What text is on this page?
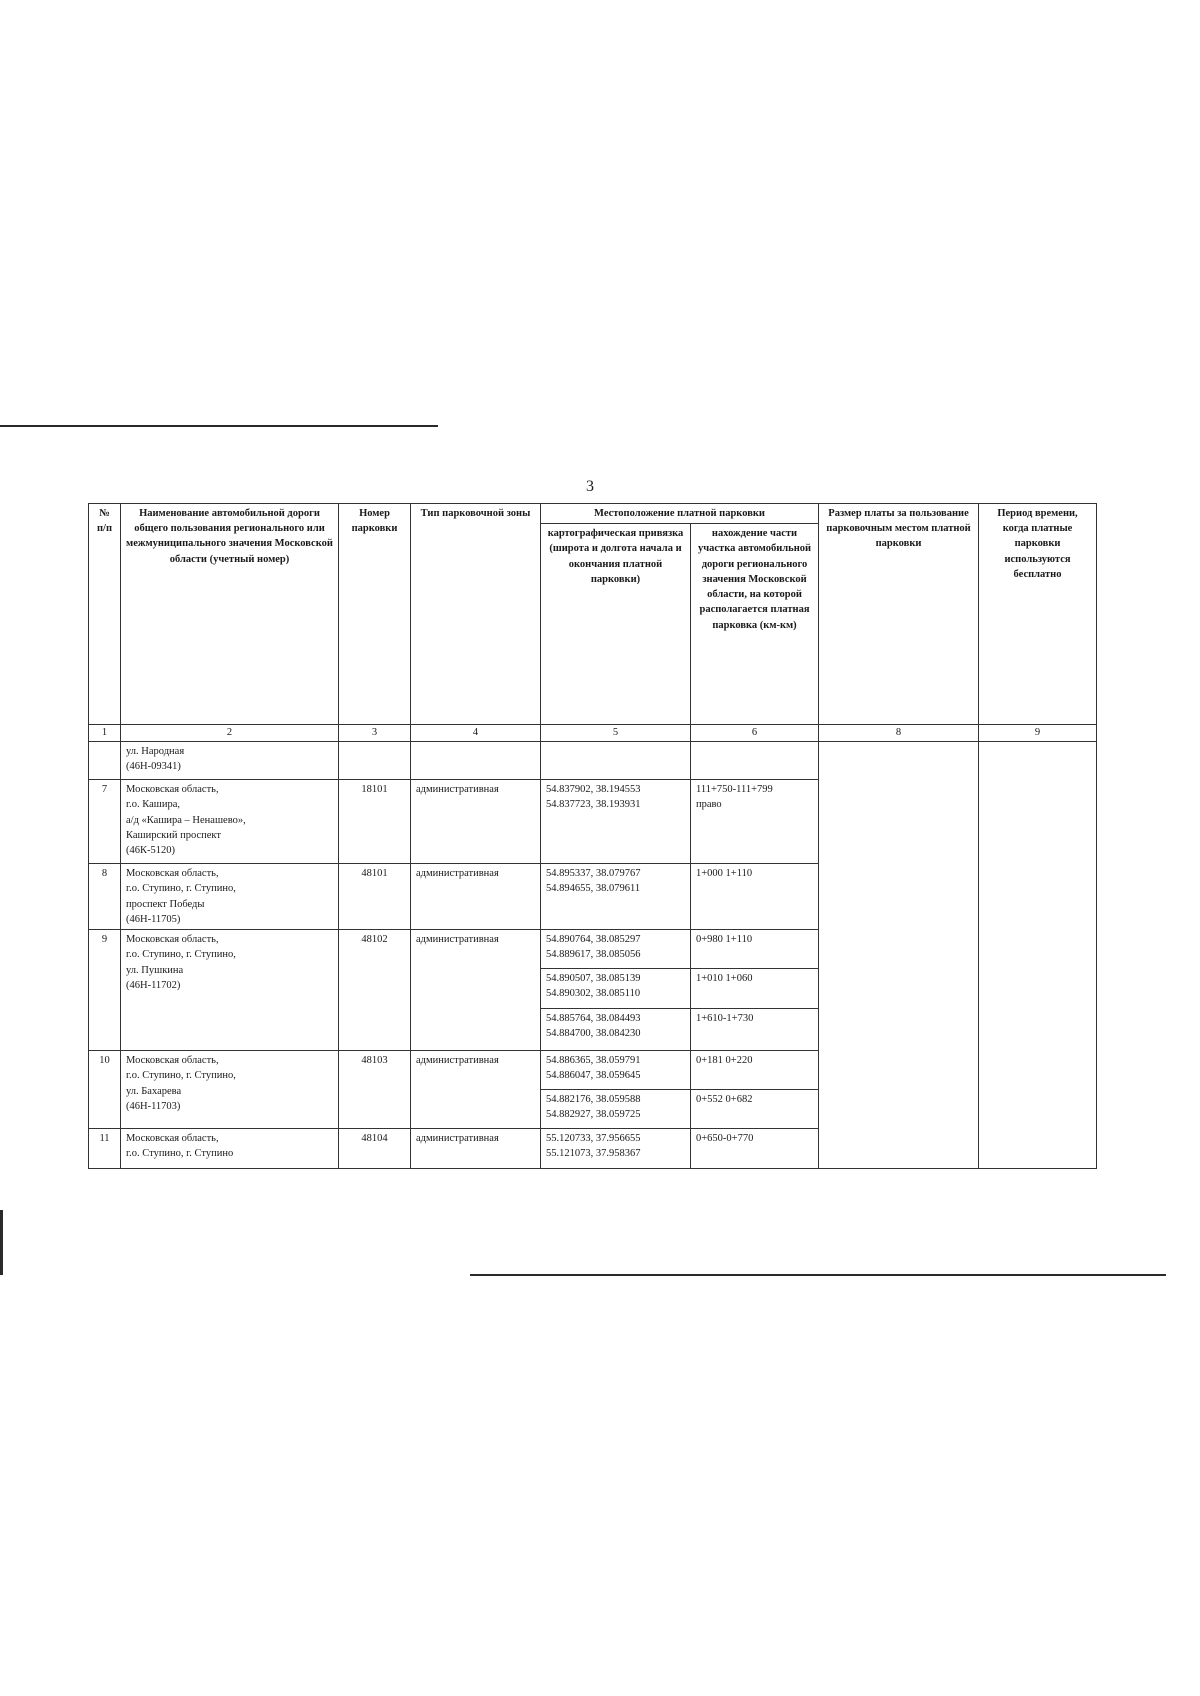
3
№ п/п	Наименование автомобильной дороги общего пользования регионального или межмуниципального значения Московской области (учетный номер)	Номер парковки	Тип парковочной зоны	Местоположение платной парковки		Размер платы за пользование парковочным местом платной парковки	Период времени, когда платные парковки используются бесплатно
				картографическая привязка (широта и долгота начала и окончания платной парковки)	нахождение части участка автомобильной дороги регионального значения Московской области, на которой располагается платная парковка (км-км)		
1	2	3	4	5	6	8	9

	ул. Народная
(46Н-09341)						

7	Московская область,
г.о. Кашира,
а/д «Кашира – Ненашево»,
Каширский проспект
(46К-5120)	18101	административная	54.837902, 38.194553
54.837723, 38.193931	111+750-111+799
право		

8	Московская область,
г.о. Ступино, г. Ступино,
проспект Победы
(46Н-11705)	48101	административная	54.895337, 38.079767
54.894655, 38.079611	1+000 1+110		

9	Московская область,
г.о. Ступино, г. Ступино,
ул. Пушкина
(46Н-11702)	48102	административная	54.890764, 38.085297
54.889617, 38.085056	0+980 1+110		

				54.890507, 38.085139
54.890302, 38.085110	1+010 1+060		

				54.885764, 38.084493
54.884700, 38.084230	1+610-1+730		

10	Московская область,
г.о. Ступино, г. Ступино,
ул. Бахарева
(46Н-11703)	48103	административная	54.886365, 38.059791
54.886047, 38.059645	0+181 0+220		

				54.882176, 38.059588
54.882927, 38.059725	0+552 0+682		

11	Московская область,
г.о. Ступино, г. Ступино	48104	административная	55.120733, 37.956655
55.121073, 37.958367	0+650-0+770		
